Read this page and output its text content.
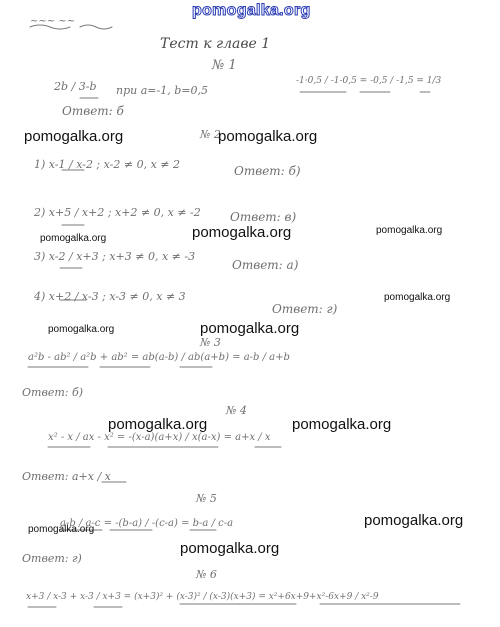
pomogalka.org
~~~ ~~
Тест к главе 1
№ 1
2b / 3-b при a=-1, b=0,5
-1·0,5 / -1-0,5 = -0,5 / -1,5 = 1/3
Ответ: б
№ 2
1) x-1 / x-2 ; x-2 ≠ 0, x ≠ 2	Ответ: б)
2) x+5 / x+2 ; x+2 ≠ 0, x ≠ -2 Ответ: в)
3) x-2 / x+3 ; x+3 ≠ 0, x ≠ -3
Ответ: а)
4) x+2 / x-3 ; x-3 ≠ 0, x ≠ 3
Ответ: г)
№ 3
a²b - ab² / a²b + ab² = ab(a-b) / ab(a+b) = a-b / a+b
Ответ: б)
№ 4
x² - x / ax - x² = -(x-a)(a+x) / x(a-x) = a+x / x
Ответ: a+x / x
№ 5
a-b / a-c = -(b-a) / -(c-a) = b-a / c-a
Ответ: г)
№ 6
x+3 / x-3 + x-3 / x+3 = (x+3)² + (x-3)² / (x-3)(x+3) = x²+6x+9+x²-6x+9 / x²-9
pomogalka.org	pomogalka.org
pomogalka.org	pomogalka.org	pomogalka.org
pomogalka.org
pomogalka.org	pomogalka.org
pomogalka.org	pomogalka.org
pomogalka.org
pomogalka.org
pomogalka.org
